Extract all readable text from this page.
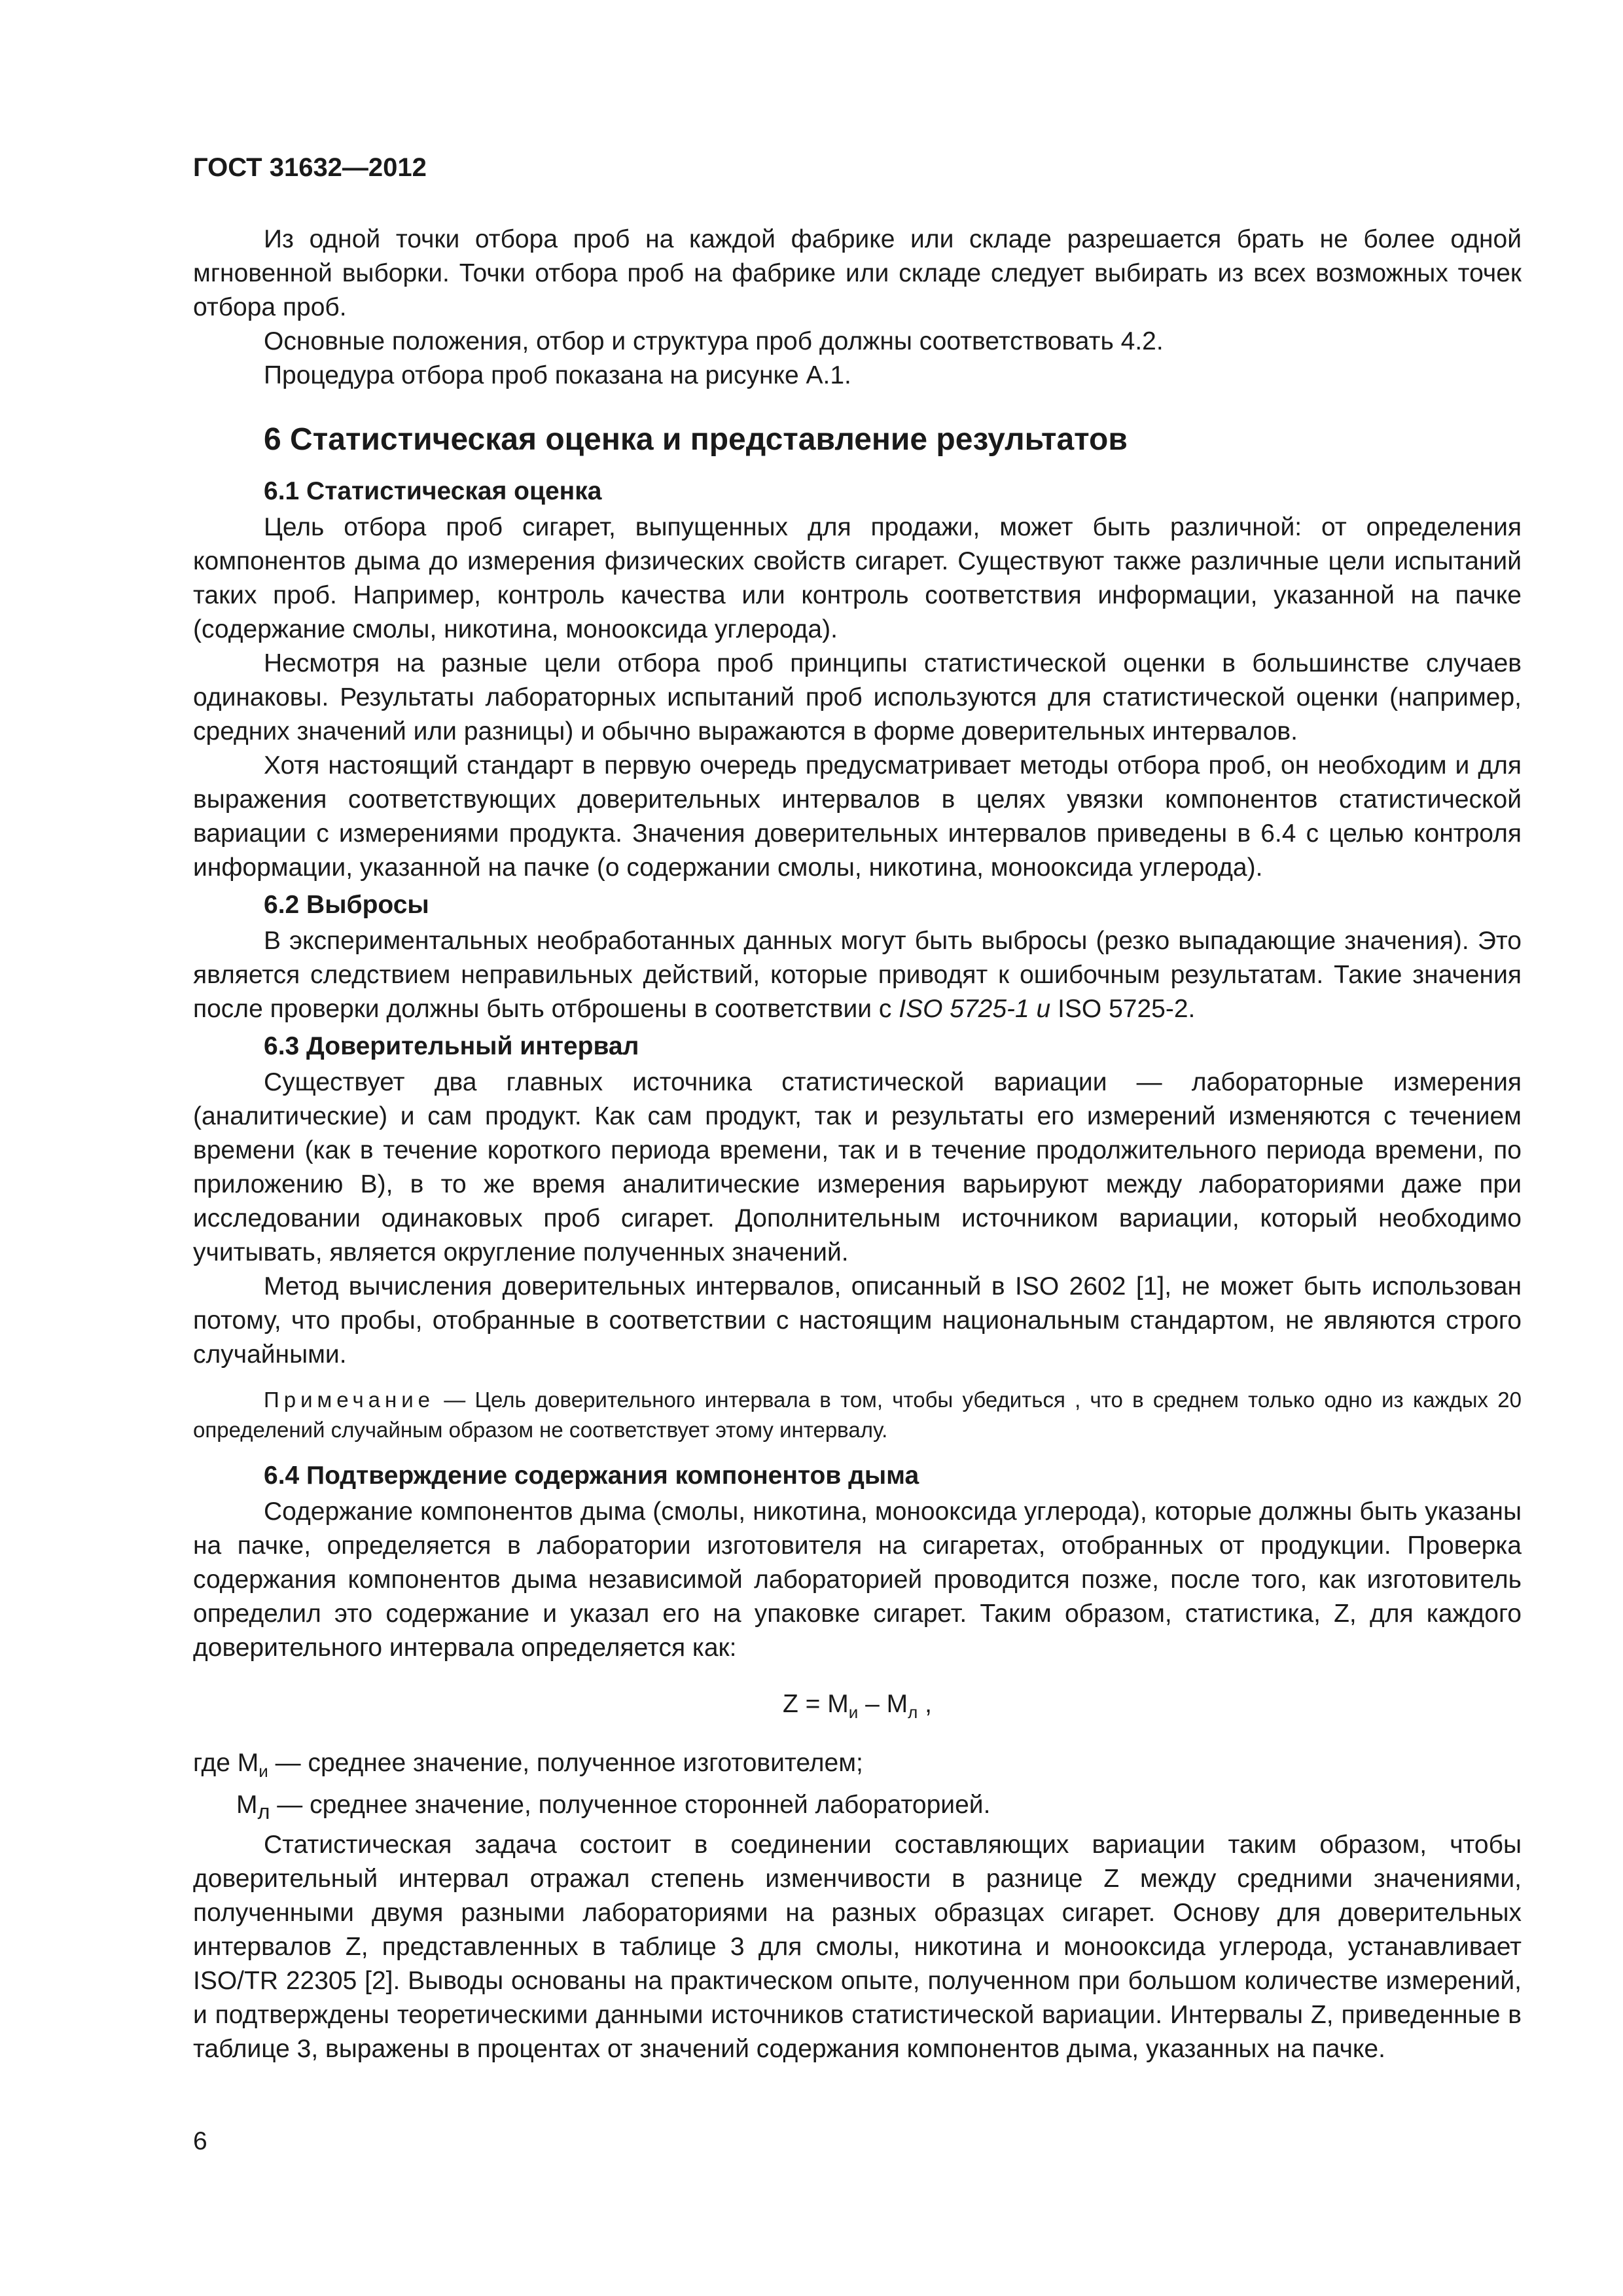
ГОСТ 31632—2012

Из одной точки отбора проб на каждой фабрике или складе разрешается брать не более одной мгновенной выборки. Точки отбора проб на фабрике или складе следует выбирать из всех возможных точек отбора проб.

Основные положения, отбор и структура проб должны соответствовать 4.2.

Процедура отбора проб показана на рисунке А.1.

6 Статистическая оценка и представление результатов
6.1 Статистическая оценка

Цель отбора проб сигарет, выпущенных для продажи, может быть различной: от определения компонентов дыма до измерения физических свойств сигарет. Существуют также различные цели испытаний таких проб. Например, контроль качества или контроль соответствия информации, указанной на пачке (содержание смолы, никотина, монооксида углерода).

Несмотря на разные цели отбора проб принципы статистической оценки в большинстве случаев одинаковы. Результаты лабораторных испытаний проб используются для статистической оценки (например, средних значений или разницы) и обычно выражаются в форме доверительных интервалов.

Хотя настоящий стандарт в первую очередь предусматривает методы отбора проб, он необходим и для выражения соответствующих доверительных интервалов в целях увязки компонентов статистической вариации с измерениями продукта. Значения доверительных интервалов приведены в 6.4 с целью контроля информации, указанной на пачке (о содержании смолы, никотина, монооксида углерода).

6.2 Выбросы

В экспериментальных необработанных данных могут быть выбросы (резко выпадающие значения). Это является следствием неправильных действий, которые приводят к ошибочным результатам. Такие значения после проверки должны быть отброшены в соответствии с ISO 5725-1 и ISO 5725-2.

6.3 Доверительный интервал

Существует два главных источника статистической вариации — лабораторные измерения (аналитические) и сам продукт. Как сам продукт, так и результаты его измерений изменяются с течением времени (как в течение короткого периода времени, так и в течение продолжительного периода времени, по приложению В), в то же время аналитические измерения варьируют между лабораториями даже при исследовании одинаковых проб сигарет. Дополнительным источником вариации, который необходимо учитывать, является округление полученных значений.

Метод вычисления доверительных интервалов, описанный в ISO 2602 [1], не может быть использован потому, что пробы, отобранные в соответствии с настоящим национальным стандартом, не являются строго случайными.

Примечание — Цель доверительного интервала в том, чтобы убедиться , что в среднем только одно из каждых 20 определений случайным образом не соответствует этому интервалу.

6.4 Подтверждение содержания компонентов дыма

Содержание компонентов дыма (смолы, никотина, монооксида углерода), которые должны быть указаны на пачке, определяется в лаборатории изготовителя на сигаретах, отобранных от продукции. Проверка содержания компонентов дыма независимой лабораторией проводится позже, после того, как изготовитель определил это содержание и указал его на упаковке сигарет. Таким образом, статистика, Z, для каждого доверительного интервала определяется как:

$Z = M_и - M_л$ ,

где $M_и$ — среднее значение, полученное изготовителем;

$M_л$ — среднее значение, полученное сторонней лабораторией.

Статистическая задача состоит в соединении составляющих вариации таким образом, чтобы доверительный интервал отражал степень изменчивости в разнице Z между средними значениями, полученными двумя разными лабораториями на разных образцах сигарет. Основу для доверительных интервалов Z, представленных в таблице 3 для смолы, никотина и монооксида углерода, устанавливает ISO/TR 22305 [2]. Выводы основаны на практическом опыте, полученном при большом количестве измерений, и подтверждены теоретическими данными источников статистической вариации. Интервалы Z, приведенные в таблице 3, выражены в процентах от значений содержания компонентов дыма, указанных на пачке.

6
